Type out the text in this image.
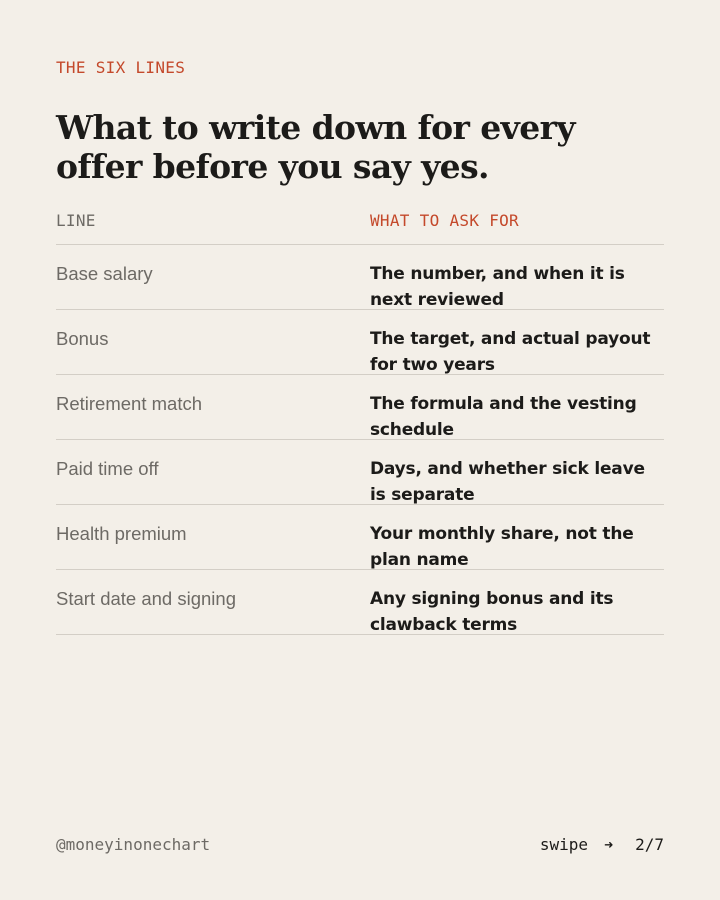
THE SIX LINES
What to write down for every offer before you say yes.
LINE	WHAT TO ASK FOR
Base salary	The number, and when it is next reviewed
Bonus	The target, and actual payout for two years
Retirement match	The formula and the vesting schedule
Paid time off	Days, and whether sick leave is separate
Health premium	Your monthly share, not the plan name
Start date and signing	Any signing bonus and its clawback terms
@moneyinonechart	swipe ➜ 2/7
